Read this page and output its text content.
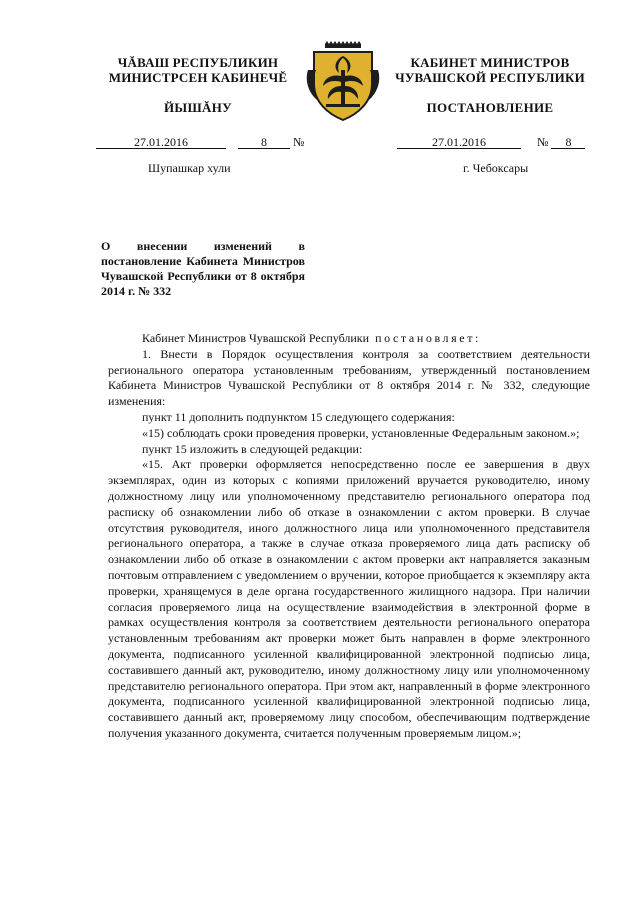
ЧĂВАШ РЕСПУБЛИКИН
МИНИСТРСЕН КАБИНЕЧĔ
ЙЫШĂНУ
КАБИНЕТ МИНИСТРОВ
ЧУВАШСКОЙ РЕСПУБЛИКИ
ПОСТАНОВЛЕНИЕ
27.01.2016	8 №	27.01.2016	№ 8
Шупашкар хули	г. Чебоксары
О внесении изменений в постановление Кабинета Министров Чувашской Республики от 8 октября 2014 г. № 332

Кабинет Министров Чувашской Республики постановляет:

1. Внести в Порядок осуществления контроля за соответствием деятельности регионального оператора установленным требованиям, утвержденный постановлением Кабинета Министров Чувашской Республики от 8 октября 2014 г. № 332, следующие изменения:

пункт 11 дополнить подпунктом 15 следующего содержания:

«15) соблюдать сроки проведения проверки, установленные Федеральным законом.»;

пункт 15 изложить в следующей редакции:

«15. Акт проверки оформляется непосредственно после ее завершения в двух экземплярах, один из которых с копиями приложений вручается руководителю, иному должностному лицу или уполномоченному представителю регионального оператора под расписку об ознакомлении либо об отказе в ознакомлении с актом проверки. В случае отсутствия руководителя, иного должностного лица или уполномоченного представителя регионального оператора, а также в случае отказа проверяемого лица дать расписку об ознакомлении либо об отказе в ознакомлении с актом проверки акт направляется заказным почтовым отправлением с уведомлением о вручении, которое приобщается к экземпляру акта проверки, хранящемуся в деле органа государственного жилищного надзора. При наличии согласия проверяемого лица на осуществление взаимодействия в электронной форме в рамках осуществления контроля за соответствием деятельности регионального оператора установленным требованиям акт проверки может быть направлен в форме электронного документа, подписанного усиленной квалифицированной электронной подписью лица, составившего данный акт, руководителю, иному должностному лицу или уполномоченному представителю регионального оператора. При этом акт, направленный в форме электронного документа, подписанного усиленной квалифицированной электронной подписью лица, составившего данный акт, проверяемому лицу способом, обеспечивающим подтверждение получения указанного документа, считается полученным проверяемым лицом.»;
